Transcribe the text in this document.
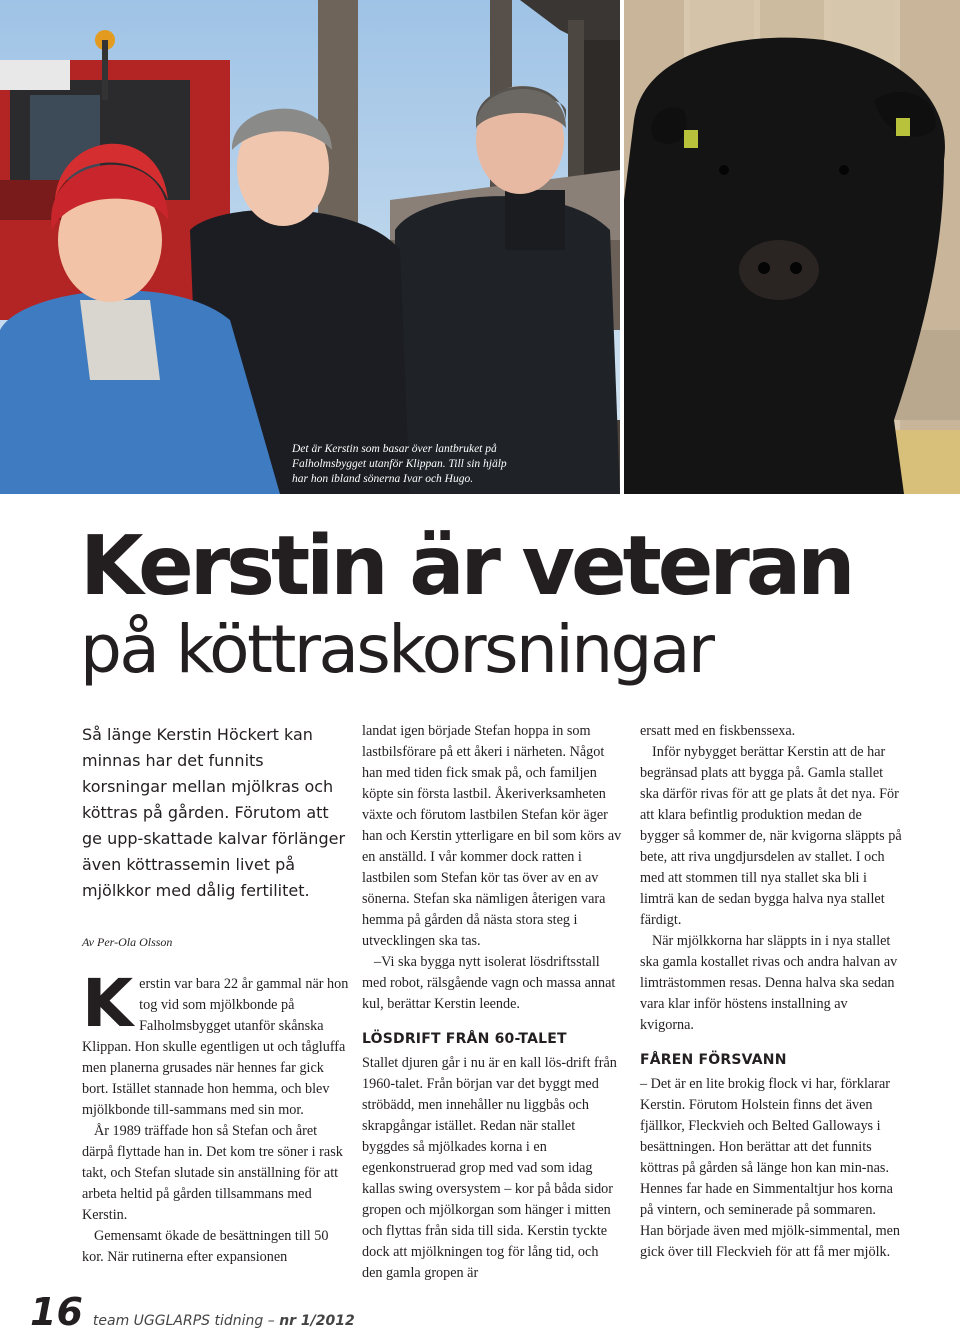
Det är Kerstin som basar över lantbruket på Falholmsbygget utanför Klippan. Till sin hjälp har hon ibland sönerna Ivar och Hugo.
Kerstin är veteran
på köttraskorsningar

Så länge Kerstin Höckert kan minnas har det funnits korsningar mellan mjölkras och köttras på gården. Förutom att ge upp-skattade kalvar förlänger även köttrassemin livet på mjölkkor med dålig fertilitet.

Av Per-Ola Olsson

Kerstin var bara 22 år gammal när hon tog vid som mjölkbonde på Falholmsbygget utanför skånska Klippan. Hon skulle egentligen ut och tågluffa men planerna grusades när hennes far gick bort. Istället stannade hon hemma, och blev mjölkbonde till-sammans med sin mor.

År 1989 träffade hon så Stefan och året därpå flyttade han in. Det kom tre söner i rask takt, och Stefan slutade sin anställning för att arbeta heltid på gården tillsammans med Kerstin.

Gemensamt ökade de besättningen till 50 kor. När rutinerna efter expansionen

landat igen började Stefan hoppa in som lastbilsförare på ett åkeri i närheten. Något han med tiden fick smak på, och familjen köpte sin första lastbil. Åkeriverksamheten växte och förutom lastbilen Stefan kör äger han och Kerstin ytterligare en bil som körs av en anställd. I vår kommer dock ratten i lastbilen som Stefan kör tas över av en av sönerna. Stefan ska nämligen återigen vara hemma på gården då nästa stora steg i utvecklingen ska tas.

–Vi ska bygga nytt isolerat lösdriftsstall med robot, rälsgående vagn och massa annat kul, berättar Kerstin leende.

LÖSDRIFT FRÅN 60-TALET

Stallet djuren går i nu är en kall lös-drift från 1960-talet. Från början var det byggt med ströbädd, men innehåller nu liggbås och skrapgångar istället. Redan när stallet byggdes så mjölkades korna i en egenkonstruerad grop med vad som idag kallas swing oversystem – kor på båda sidor gropen och mjölkorgan som hänger i mitten och flyttas från sida till sida. Kerstin tyckte dock att mjölkningen tog för lång tid, och den gamla gropen är

ersatt med en fiskbenssexa.

Inför nybygget berättar Kerstin att de har begränsad plats att bygga på. Gamla stallet ska därför rivas för att ge plats åt det nya. För att klara befintlig produktion medan de bygger så kommer de, när kvigorna släppts på bete, att riva ungdjursdelen av stallet. I och med att stommen till nya stallet ska bli i limträ kan de sedan bygga halva nya stallet färdigt.

När mjölkkorna har släppts in i nya stallet ska gamla kostallet rivas och andra halvan av limträstommen resas. Denna halva ska sedan vara klar inför höstens installning av kvigorna.

FÅREN FÖRSVANN

– Det är en lite brokig flock vi har, förklarar Kerstin. Förutom Holstein finns det även fjällkor, Fleckvieh och Belted Galloways i besättningen. Hon berättar att det funnits köttras på gården så länge hon kan min-nas. Hennes far hade en Simmentaltjur hos korna på vintern, och seminerade på sommaren. Han började även med mjölk-simmental, men gick över till Fleckvieh för att få mer mjölk.

16 team UGGLARPS tidning – nr 1/2012
